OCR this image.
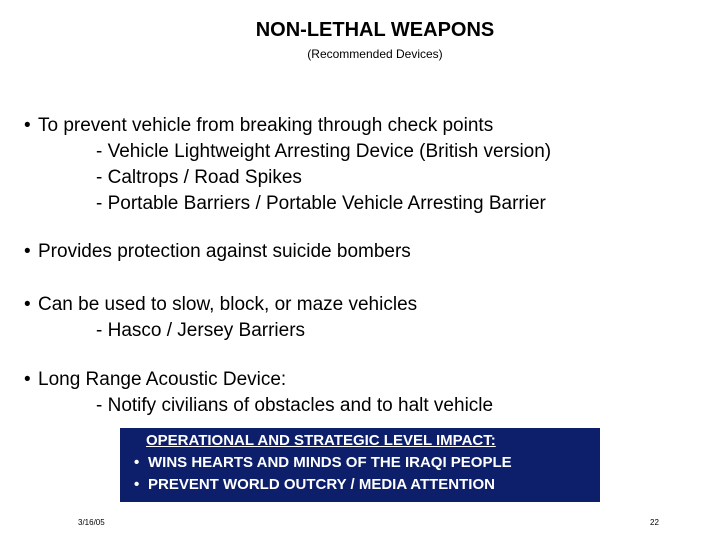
NON-LETHAL WEAPONS
(Recommended Devices)
• To prevent vehicle from breaking through check points
- Vehicle Lightweight Arresting Device (British version)
- Caltrops / Road Spikes
- Portable Barriers / Portable Vehicle Arresting Barrier
• Provides protection against suicide bombers
• Can be used to slow, block, or maze vehicles
- Hasco / Jersey Barriers
• Long Range Acoustic Device:
- Notify civilians of obstacles and to halt vehicle
OPERATIONAL AND STRATEGIC LEVEL IMPACT:
• WINS HEARTS AND MINDS OF THE IRAQI PEOPLE
• PREVENT WORLD OUTCRY / MEDIA ATTENTION
3/16/05	22
